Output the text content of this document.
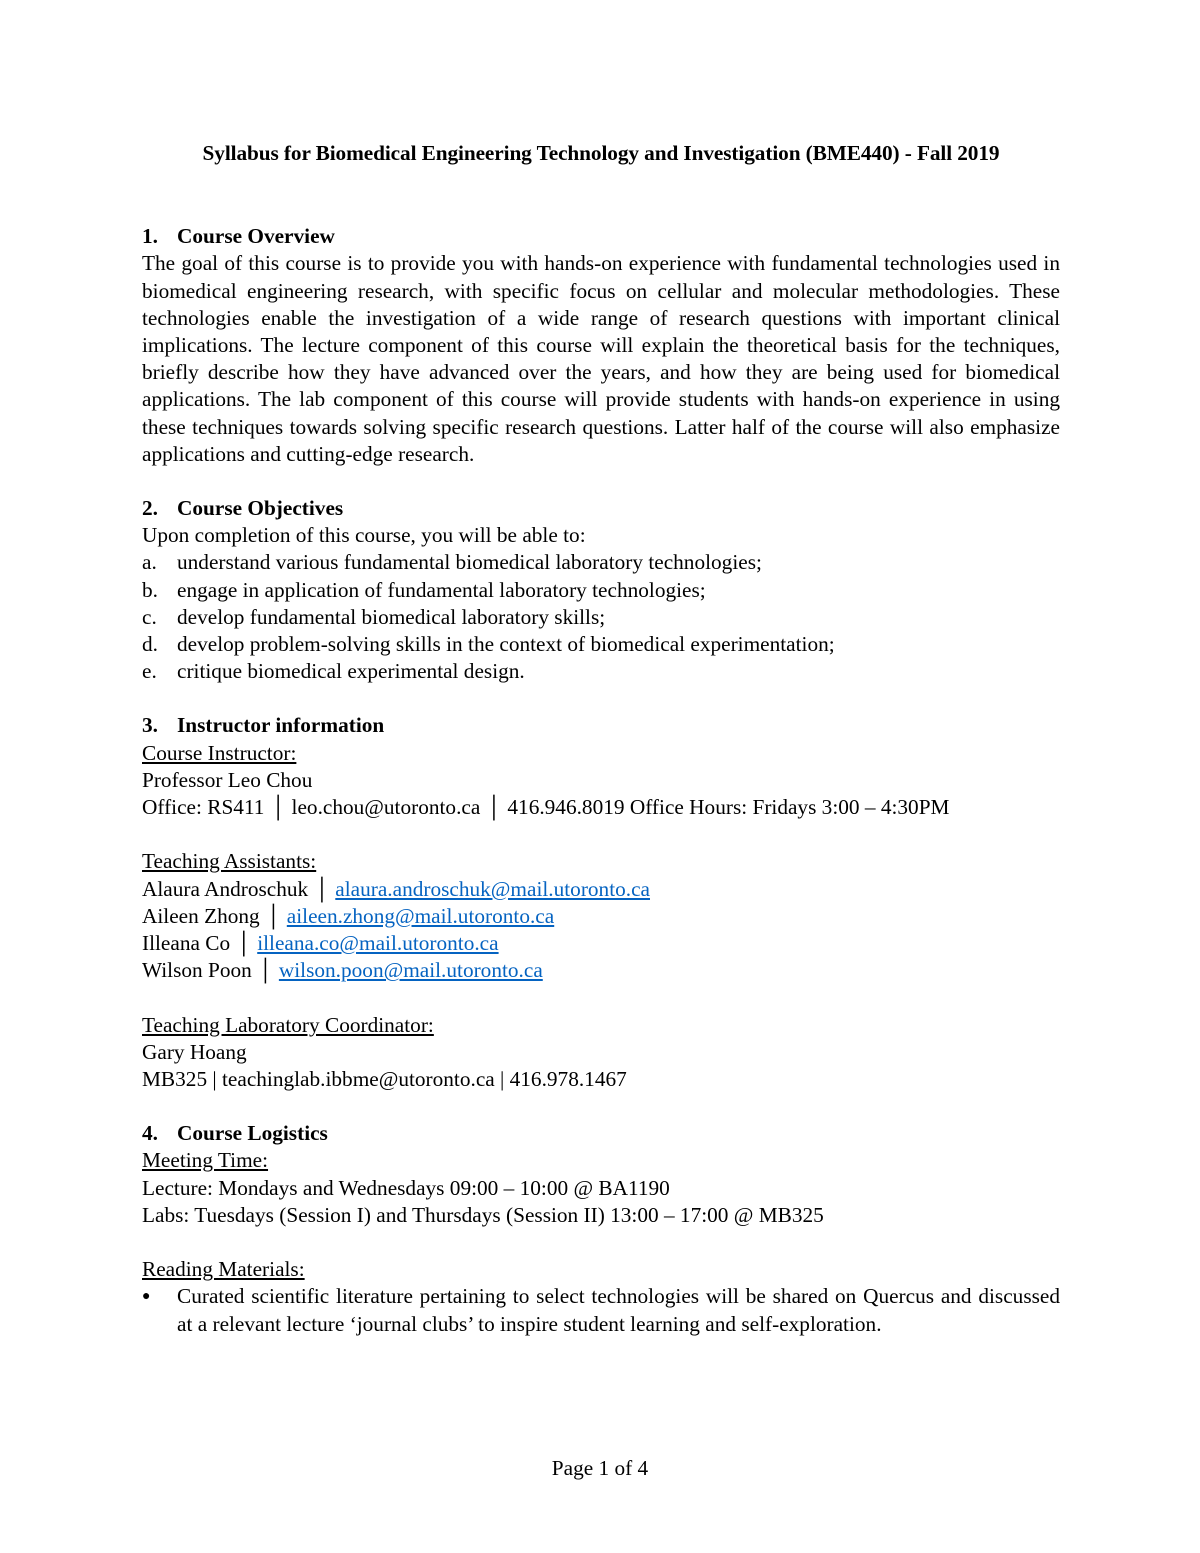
Syllabus for Biomedical Engineering Technology and Investigation (BME440) - Fall 2019
1. Course Overview
The goal of this course is to provide you with hands-on experience with fundamental technologies used in biomedical engineering research, with specific focus on cellular and molecular methodologies. These technologies enable the investigation of a wide range of research questions with important clinical implications. The lecture component of this course will explain the theoretical basis for the techniques, briefly describe how they have advanced over the years, and how they are being used for biomedical applications. The lab component of this course will provide students with hands-on experience in using these techniques towards solving specific research questions. Latter half of the course will also emphasize applications and cutting-edge research.
2. Course Objectives
Upon completion of this course, you will be able to:
a. understand various fundamental biomedical laboratory technologies;
b. engage in application of fundamental laboratory technologies;
c. develop fundamental biomedical laboratory skills;
d. develop problem-solving skills in the context of biomedical experimentation;
e. critique biomedical experimental design.
3. Instructor information
Course Instructor:
Professor Leo Chou
Office: RS411 │ leo.chou@utoronto.ca │ 416.946.8019 Office Hours: Fridays 3:00 – 4:30PM
Teaching Assistants:
Alaura Androschuk │ alaura.androschuk@mail.utoronto.ca
Aileen Zhong │ aileen.zhong@mail.utoronto.ca
Illeana Co │ illeana.co@mail.utoronto.ca
Wilson Poon │ wilson.poon@mail.utoronto.ca
Teaching Laboratory Coordinator:
Gary Hoang
MB325 | teachinglab.ibbme@utoronto.ca | 416.978.1467
4. Course Logistics
Meeting Time:
Lecture: Mondays and Wednesdays 09:00 – 10:00 @ BA1190
Labs: Tuesdays (Session I) and Thursdays (Session II) 13:00 – 17:00 @ MB325
Reading Materials:
●	Curated scientific literature pertaining to select technologies will be shared on Quercus and discussed at a relevant lecture ‘journal clubs’ to inspire student learning and self-exploration.
Page 1 of 4
